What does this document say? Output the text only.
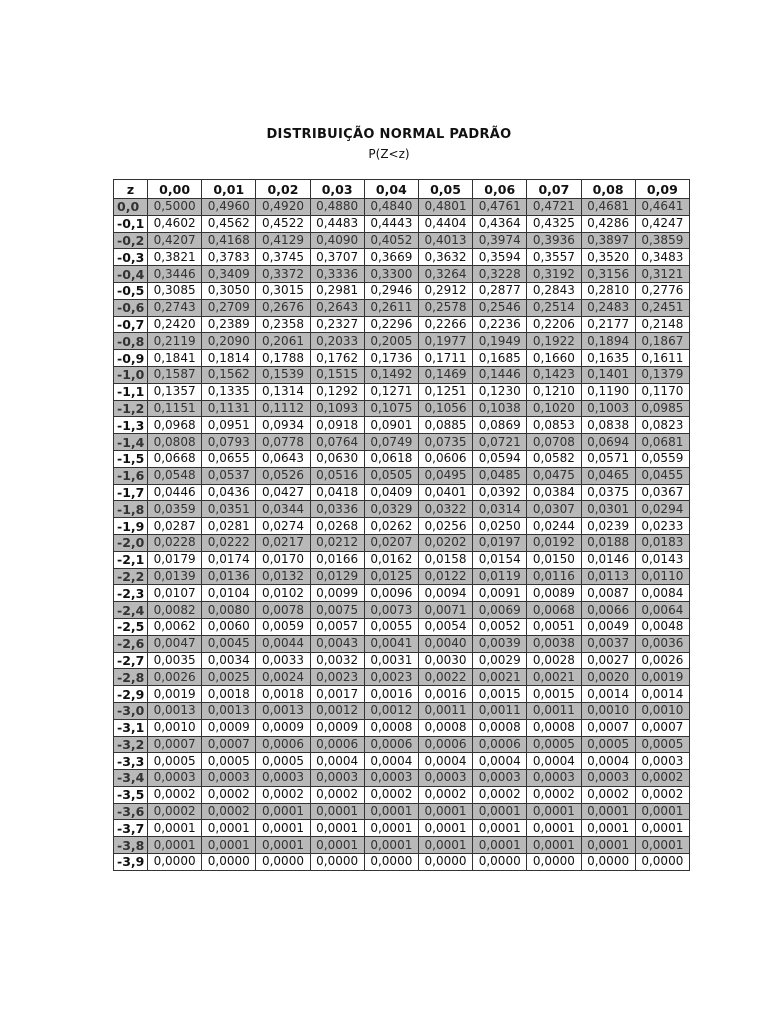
DISTRIBUIÇÃO NORMAL PADRÃO
P(Z<z)
z	0,00	0,01	0,02	0,03	0,04	0,05	0,06	0,07	0,08	0,09
0,0	0,5000	0,4960	0,4920	0,4880	0,4840	0,4801	0,4761	0,4721	0,4681	0,4641
-0,1	0,4602	0,4562	0,4522	0,4483	0,4443	0,4404	0,4364	0,4325	0,4286	0,4247
-0,2	0,4207	0,4168	0,4129	0,4090	0,4052	0,4013	0,3974	0,3936	0,3897	0,3859
-0,3	0,3821	0,3783	0,3745	0,3707	0,3669	0,3632	0,3594	0,3557	0,3520	0,3483
-0,4	0,3446	0,3409	0,3372	0,3336	0,3300	0,3264	0,3228	0,3192	0,3156	0,3121
-0,5	0,3085	0,3050	0,3015	0,2981	0,2946	0,2912	0,2877	0,2843	0,2810	0,2776
-0,6	0,2743	0,2709	0,2676	0,2643	0,2611	0,2578	0,2546	0,2514	0,2483	0,2451
-0,7	0,2420	0,2389	0,2358	0,2327	0,2296	0,2266	0,2236	0,2206	0,2177	0,2148
-0,8	0,2119	0,2090	0,2061	0,2033	0,2005	0,1977	0,1949	0,1922	0,1894	0,1867
-0,9	0,1841	0,1814	0,1788	0,1762	0,1736	0,1711	0,1685	0,1660	0,1635	0,1611
-1,0	0,1587	0,1562	0,1539	0,1515	0,1492	0,1469	0,1446	0,1423	0,1401	0,1379
-1,1	0,1357	0,1335	0,1314	0,1292	0,1271	0,1251	0,1230	0,1210	0,1190	0,1170
-1,2	0,1151	0,1131	0,1112	0,1093	0,1075	0,1056	0,1038	0,1020	0,1003	0,0985
-1,3	0,0968	0,0951	0,0934	0,0918	0,0901	0,0885	0,0869	0,0853	0,0838	0,0823
-1,4	0,0808	0,0793	0,0778	0,0764	0,0749	0,0735	0,0721	0,0708	0,0694	0,0681
-1,5	0,0668	0,0655	0,0643	0,0630	0,0618	0,0606	0,0594	0,0582	0,0571	0,0559
-1,6	0,0548	0,0537	0,0526	0,0516	0,0505	0,0495	0,0485	0,0475	0,0465	0,0455
-1,7	0,0446	0,0436	0,0427	0,0418	0,0409	0,0401	0,0392	0,0384	0,0375	0,0367
-1,8	0,0359	0,0351	0,0344	0,0336	0,0329	0,0322	0,0314	0,0307	0,0301	0,0294
-1,9	0,0287	0,0281	0,0274	0,0268	0,0262	0,0256	0,0250	0,0244	0,0239	0,0233
-2,0	0,0228	0,0222	0,0217	0,0212	0,0207	0,0202	0,0197	0,0192	0,0188	0,0183
-2,1	0,0179	0,0174	0,0170	0,0166	0,0162	0,0158	0,0154	0,0150	0,0146	0,0143
-2,2	0,0139	0,0136	0,0132	0,0129	0,0125	0,0122	0,0119	0,0116	0,0113	0,0110
-2,3	0,0107	0,0104	0,0102	0,0099	0,0096	0,0094	0,0091	0,0089	0,0087	0,0084
-2,4	0,0082	0,0080	0,0078	0,0075	0,0073	0,0071	0,0069	0,0068	0,0066	0,0064
-2,5	0,0062	0,0060	0,0059	0,0057	0,0055	0,0054	0,0052	0,0051	0,0049	0,0048
-2,6	0,0047	0,0045	0,0044	0,0043	0,0041	0,0040	0,0039	0,0038	0,0037	0,0036
-2,7	0,0035	0,0034	0,0033	0,0032	0,0031	0,0030	0,0029	0,0028	0,0027	0,0026
-2,8	0,0026	0,0025	0,0024	0,0023	0,0023	0,0022	0,0021	0,0021	0,0020	0,0019
-2,9	0,0019	0,0018	0,0018	0,0017	0,0016	0,0016	0,0015	0,0015	0,0014	0,0014
-3,0	0,0013	0,0013	0,0013	0,0012	0,0012	0,0011	0,0011	0,0011	0,0010	0,0010
-3,1	0,0010	0,0009	0,0009	0,0009	0,0008	0,0008	0,0008	0,0008	0,0007	0,0007
-3,2	0,0007	0,0007	0,0006	0,0006	0,0006	0,0006	0,0006	0,0005	0,0005	0,0005
-3,3	0,0005	0,0005	0,0005	0,0004	0,0004	0,0004	0,0004	0,0004	0,0004	0,0003
-3,4	0,0003	0,0003	0,0003	0,0003	0,0003	0,0003	0,0003	0,0003	0,0003	0,0002
-3,5	0,0002	0,0002	0,0002	0,0002	0,0002	0,0002	0,0002	0,0002	0,0002	0,0002
-3,6	0,0002	0,0002	0,0001	0,0001	0,0001	0,0001	0,0001	0,0001	0,0001	0,0001
-3,7	0,0001	0,0001	0,0001	0,0001	0,0001	0,0001	0,0001	0,0001	0,0001	0,0001
-3,8	0,0001	0,0001	0,0001	0,0001	0,0001	0,0001	0,0001	0,0001	0,0001	0,0001
-3,9	0,0000	0,0000	0,0000	0,0000	0,0000	0,0000	0,0000	0,0000	0,0000	0,0000
